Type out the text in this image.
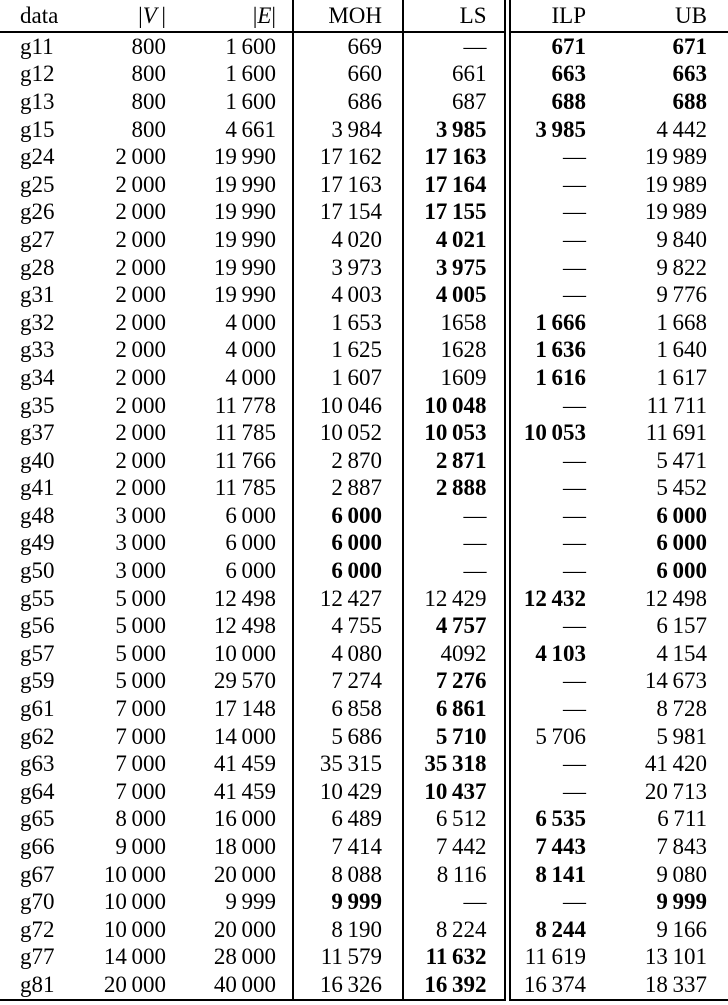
data	|V |	|E|	MOH	LS	ILP	UB
g11	800	1 600	669	—	671	671
g12	800	1 600	660	661	663	663
g13	800	1 600	686	687	688	688
g15	800	4 661	3 984	3 985	3 985	4 442
g24	2 000	19 990	17 162	17 163	—	19 989
g25	2 000	19 990	17 163	17 164	—	19 989
g26	2 000	19 990	17 154	17 155	—	19 989
g27	2 000	19 990	4 020	4 021	—	9 840
g28	2 000	19 990	3 973	3 975	—	9 822
g31	2 000	19 990	4 003	4 005	—	9 776
g32	2 000	4 000	1 653	1658	1 666	1 668
g33	2 000	4 000	1 625	1628	1 636	1 640
g34	2 000	4 000	1 607	1609	1 616	1 617
g35	2 000	11 778	10 046	10 048	—	11 711
g37	2 000	11 785	10 052	10 053	10 053	11 691
g40	2 000	11 766	2 870	2 871	—	5 471
g41	2 000	11 785	2 887	2 888	—	5 452
g48	3 000	6 000	6 000	—	—	6 000
g49	3 000	6 000	6 000	—	—	6 000
g50	3 000	6 000	6 000	—	—	6 000
g55	5 000	12 498	12 427	12 429	12 432	12 498
g56	5 000	12 498	4 755	4 757	—	6 157
g57	5 000	10 000	4 080	4092	4 103	4 154
g59	5 000	29 570	7 274	7 276	—	14 673
g61	7 000	17 148	6 858	6 861	—	8 728
g62	7 000	14 000	5 686	5 710	5 706	5 981
g63	7 000	41 459	35 315	35 318	—	41 420
g64	7 000	41 459	10 429	10 437	—	20 713
g65	8 000	16 000	6 489	6 512	6 535	6 711
g66	9 000	18 000	7 414	7 442	7 443	7 843
g67	10 000	20 000	8 088	8 116	8 141	9 080
g70	10 000	9 999	9 999	—	—	9 999
g72	10 000	20 000	8 190	8 224	8 244	9 166
g77	14 000	28 000	11 579	11 632	11 619	13 101
g81	20 000	40 000	16 326	16 392	16 374	18 337
